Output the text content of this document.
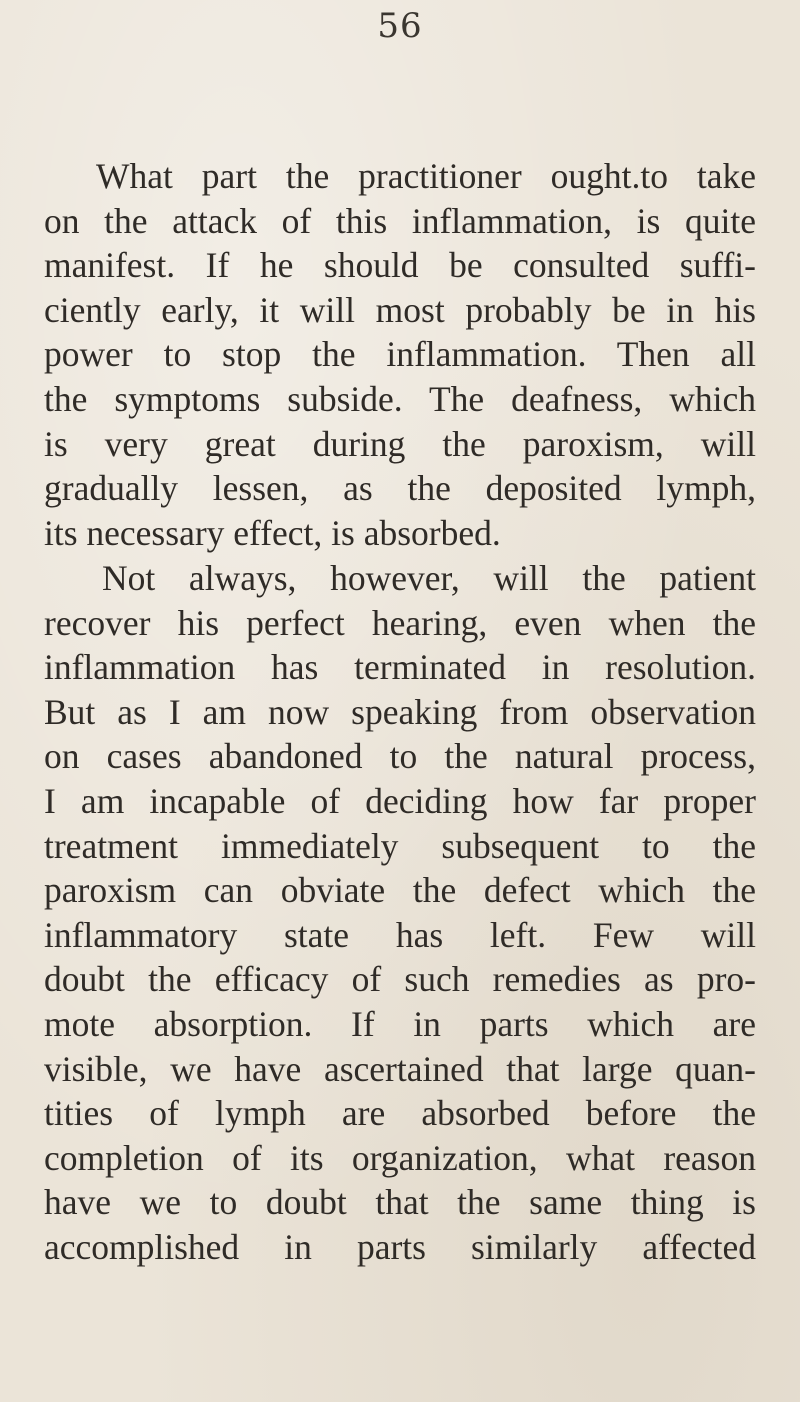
56
What part the practitioner ought.to take
on the attack of this inflammation, is quite
manifest. If he should be consulted suffi-
ciently early, it will most probably be in his
power to stop the inflammation. Then all
the symptoms subside. The deafness, which
is very great during the paroxism, will
gradually lessen, as the deposited lymph,
its necessary effect, is absorbed.
Not always, however, will the patient
recover his perfect hearing, even when the
inflammation has terminated in resolution.
But as I am now speaking from observation
on cases abandoned to the natural process,
I am incapable of deciding how far proper
treatment immediately subsequent to the
paroxism can obviate the defect which the
inflammatory state has left. Few will
doubt the efficacy of such remedies as pro-
mote absorption. If in parts which are
visible, we have ascertained that large quan-
tities of lymph are absorbed before the
completion of its organization, what reason
have we to doubt that the same thing is
accomplished in parts similarly affected
